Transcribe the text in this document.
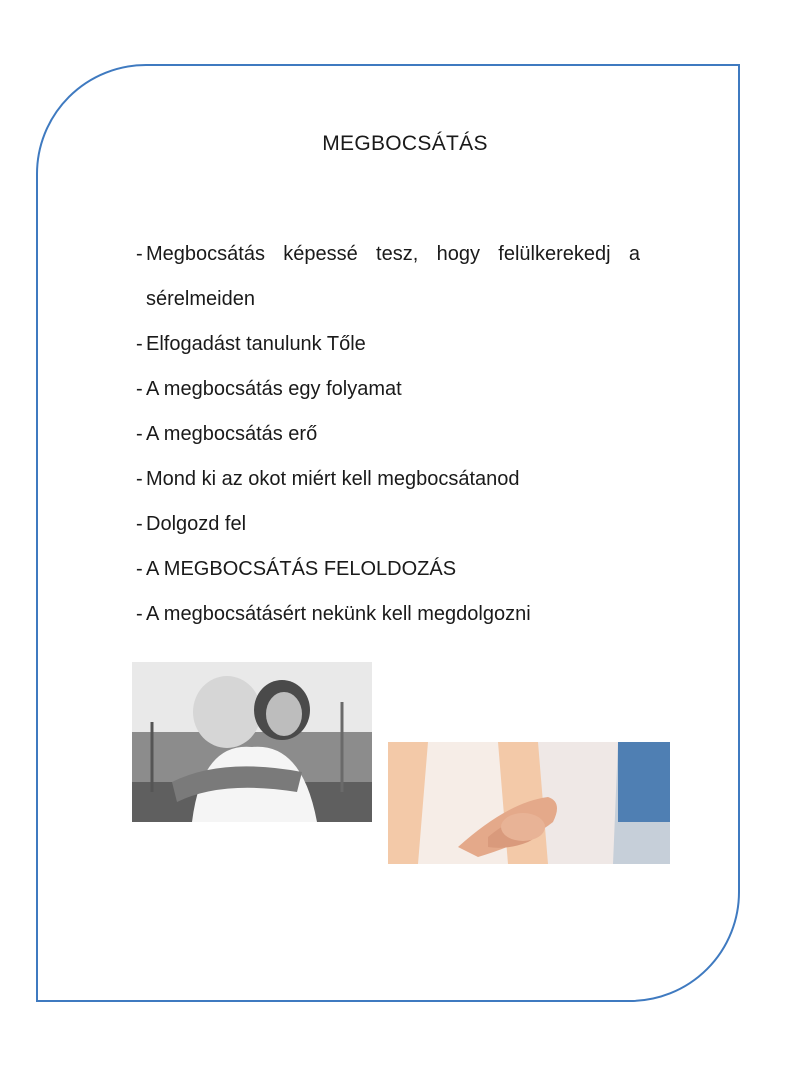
MEGBOCSÁTÁS
- Megbocsátás képessé tesz, hogy felülkerekedj a sérelmeiden
- Elfogadást tanulunk Tőle
- A megbocsátás egy folyamat
- A megbocsátás erő
- Mond ki az okot miért kell megbocsátanod
- Dolgozd fel
- A MEGBOCSÁTÁS FELOLDOZÁS
- A megbocsátásért nekünk kell megdolgozni
